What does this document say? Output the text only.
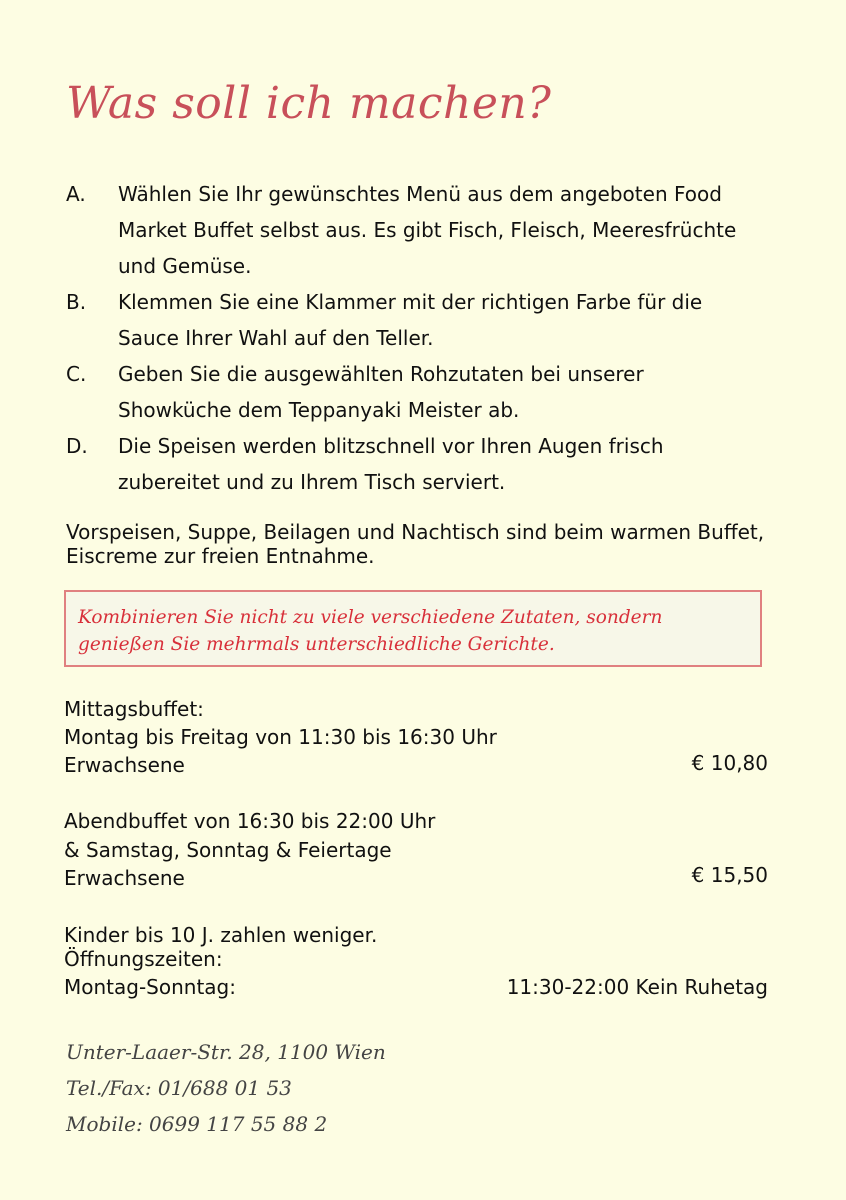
Was soll ich machen?
A.	Wählen Sie Ihr gewünschtes Menü aus dem angeboten Food Market Buffet selbst aus. Es gibt Fisch, Fleisch, Meeresfrüchte und Gemüse.
B.	Klemmen Sie eine Klammer mit der richtigen Farbe für die Sauce Ihrer Wahl auf den Teller.
C.	Geben Sie die ausgewählten Rohzutaten bei unserer Showküche dem Teppanyaki Meister ab.
D.	Die Speisen werden blitzschnell vor Ihren Augen frisch zubereitet und zu Ihrem Tisch serviert.
Vorspeisen, Suppe, Beilagen und Nachtisch sind beim warmen Buffet, Eiscreme zur freien Entnahme.
Kombinieren Sie nicht zu viele verschiedene Zutaten, sondern genießen Sie mehrmals unterschiedliche Gerichte.
Mittagsbuffet:
Montag bis Freitag von 11:30 bis 16:30 Uhr
Erwachsene	€ 10,80
Abendbuffet von 16:30 bis 22:00 Uhr
& Samstag, Sonntag & Feiertage
Erwachsene	€ 15,50
Kinder bis 10 J. zahlen weniger.
Öffnungszeiten:
Montag-Sonntag:	11:30-22:00 Kein Ruhetag
Unter-Laaer-Str. 28, 1100 Wien
Tel./Fax: 01/688 01 53
Mobile: 0699 117 55 88 2
